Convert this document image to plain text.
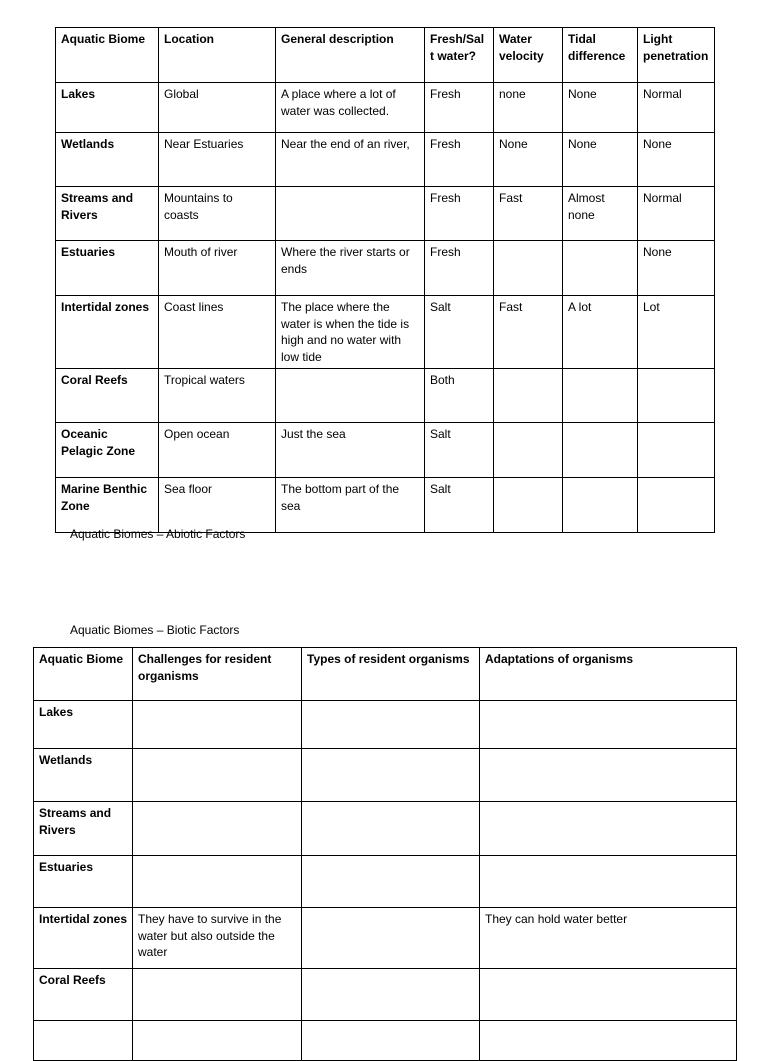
Aquatic Biome	Location	General description	Fresh/Salt water?	Water velocity	Tidal difference	Light penetration
Lakes	Global	A place where a lot of water was collected.	Fresh	none	None	Normal
Wetlands	Near Estuaries	Near the end of an river,	Fresh	None	None	None
Streams and Rivers	Mountains to coasts		Fresh	Fast	Almost none	Normal
Estuaries	Mouth of river	Where the river starts or ends	Fresh			None
Intertidal zones	Coast lines	The place where the water is when the tide is high and no water with low tide	Salt	Fast	A lot	Lot
Coral Reefs	Tropical waters		Both			
Oceanic Pelagic Zone	Open ocean	Just the sea	Salt			
Marine Benthic Zone	Sea floor	The bottom part of the sea	Salt			
Aquatic Biomes – Abiotic Factors
Aquatic Biomes – Biotic Factors
Aquatic Biome	Challenges for resident organisms	Types of resident organisms	Adaptations of organisms
Lakes			
Wetlands			
Streams and Rivers			
Estuaries			
Intertidal zones	They have to survive in the water but also outside the water		They can hold water better
Coral Reefs			
